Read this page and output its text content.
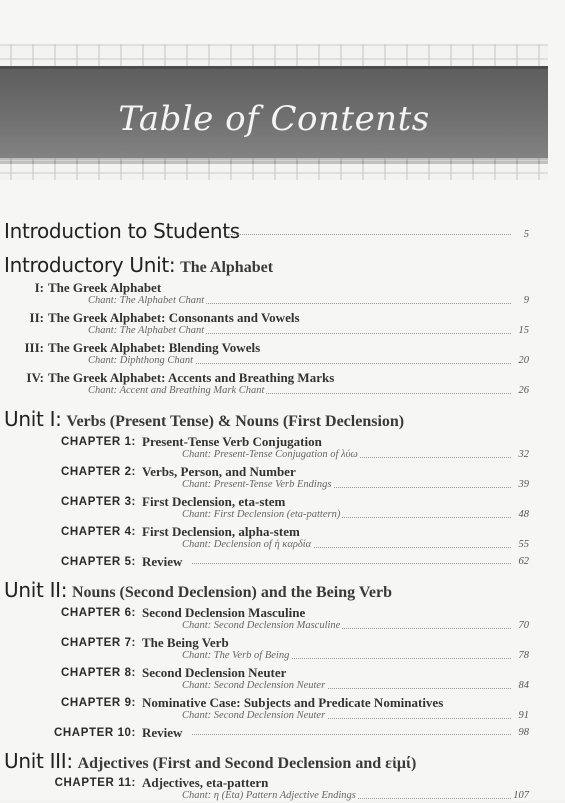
Table of Contents
Introduction to Students	5
Introductory Unit: The Alphabet
I: The Greek Alphabet
Chant: The Alphabet Chant	9
II: The Greek Alphabet: Consonants and Vowels
Chant: The Alphabet Chant	15
III: The Greek Alphabet: Blending Vowels
Chant: Diphthong Chant	20
IV: The Greek Alphabet: Accents and Breathing Marks
Chant: Accent and Breathing Mark Chant	26
Unit I: Verbs (Present Tense) & Nouns (First Declension)
CHAPTER 1: Present-Tense Verb Conjugation
Chant: Present-Tense Conjugation of λύω	32
CHAPTER 2: Verbs, Person, and Number
Chant: Present-Tense Verb Endings	39
CHAPTER 3: First Declension, eta-stem
Chant: First Declension (eta-pattern)	48
CHAPTER 4: First Declension, alpha-stem
Chant: Declension of ἡ καρδία	55
CHAPTER 5: Review	62
Unit II: Nouns (Second Declension) and the Being Verb
CHAPTER 6: Second Declension Masculine
Chant: Second Declension Masculine	70
CHAPTER 7: The Being Verb
Chant: The Verb of Being	78
CHAPTER 8: Second Declension Neuter
Chant: Second Declension Neuter	84
CHAPTER 9: Nominative Case: Subjects and Predicate Nominatives
Chant: Second Declension Neuter	91
CHAPTER 10: Review	98
Unit III: Adjectives (First and Second Declension and εἰμί)
CHAPTER 11: Adjectives, eta-pattern
Chant: η (Eta) Pattern Adjective Endings	107
